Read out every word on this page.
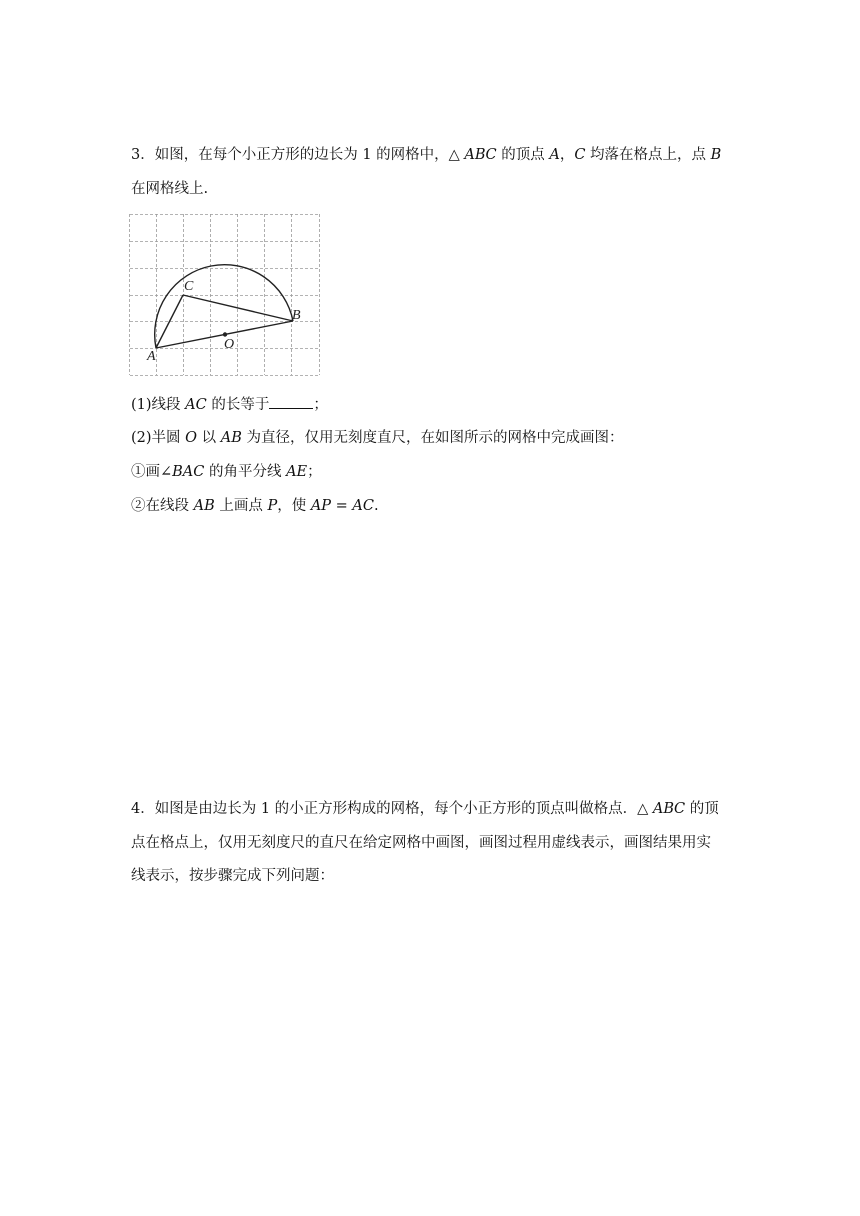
3．如图，在每个小正方形的边长为 1 的网格中，△ 𝐴𝐵𝐶 的顶点 𝐴，𝐶 均落在格点上，点 𝐵
在网格线上.
A
B
C
O
(1)线段 𝐴𝐶 的长等于	；
(2)半圆 𝑂 以 𝐴𝐵 为直径，仅用无刻度直尺，在如图所示的网格中完成画图：
①画∠𝐵𝐴𝐶 的角平分线 𝐴𝐸；
②在线段 𝐴𝐵 上画点 𝑃，使 𝐴𝑃 = 𝐴𝐶.
4．如图是由边长为 1 的小正方形构成的网格，每个小正方形的顶点叫做格点．△ 𝐴𝐵𝐶 的顶
点在格点上，仅用无刻度尺的直尺在给定网格中画图，画图过程用虚线表示，画图结果用实
线表示，按步骤完成下列问题：
